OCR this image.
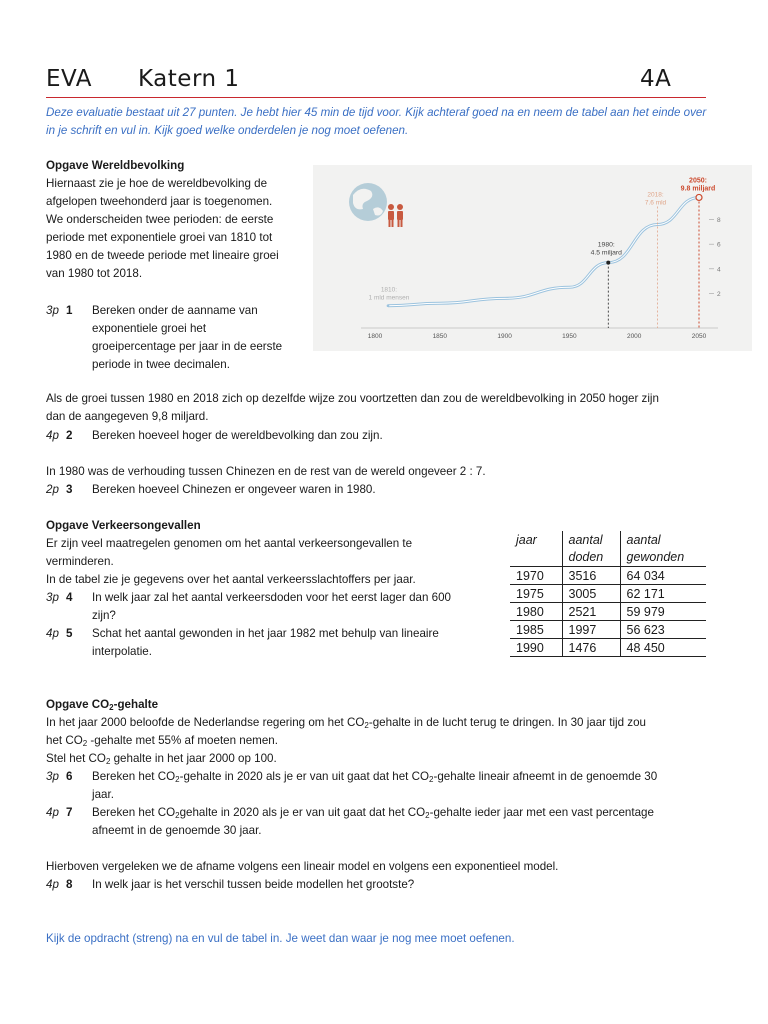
EVA Katern 1	4A
Deze evaluatie bestaat uit 27 punten. Je hebt hier 45 min de tijd voor. Kijk achteraf goed na en neem de tabel aan het einde over in je schrift en vul in. Kijk goed welke onderdelen je nog moet oefenen.
Opgave Wereldbevolking
Hiernaast zie je hoe de wereldbevolking de
afgelopen tweehonderd jaar is toegenomen.
We onderscheiden twee perioden: de eerste
periode met exponentiele groei van 1810 tot
1980 en de tweede periode met lineaire groei
van 1980 tot 2018.
3p 1 Bereken onder de aanname van
exponentiele groei het
groeipercentage per jaar in de eerste
periode in twee decimalen.
1800	1850	1900	1950	2000	2050
2
4
6
8
1810:
1 mld mensen
1980:
4.5 miljard
2018:
7.6 mld
2050:
9.8 miljard
Als de groei tussen 1980 en 2018 zich op dezelfde wijze zou voortzetten dan zou de wereldbevolking in 2050 hoger zijn
dan de aangegeven 9,8 miljard.
4p 2 Bereken hoeveel hoger de wereldbevolking dan zou zijn.
In 1980 was de verhouding tussen Chinezen en de rest van de wereld ongeveer 2 : 7.
2p 3 Bereken hoeveel Chinezen er ongeveer waren in 1980.
Opgave Verkeersongevallen
Er zijn veel maatregelen genomen om het aantal verkeersongevallen te
verminderen.
In de tabel zie je gegevens over het aantal verkeersslachtoffers per jaar.
3p 4 In welk jaar zal het aantal verkeersdoden voor het eerst lager dan 600
zijn?
4p 5 Schat het aantal gewonden in het jaar 1982 met behulp van lineaire
interpolatie.
jaar	aantal
doden	aantal
gewonden
1970	3516	64 034
1975	3005	62 171
1980	2521	59 979
1985	1997	56 623
1990	1476	48 450
Opgave $CO_2$-gehalte
In het jaar 2000 beloofde de Nederlandse regering om het $CO_2$-gehalte in de lucht terug te dringen. In 30 jaar tijd zou
het $CO_2$ -gehalte met 55% af moeten nemen.
Stel het $CO_2$ gehalte in het jaar 2000 op 100.
3p 6 Bereken het $CO_2$-gehalte in 2020 als je er van uit gaat dat het $CO_2$-gehalte lineair afneemt in de genoemde 30
jaar.
4p 7 Bereken het $CO_2gehalte$ in 2020 als je er van uit gaat dat het $CO_2$-gehalte ieder jaar met een vast percentage
afneemt in de genoemde 30 jaar.
Hierboven vergeleken we de afname volgens een lineair model en volgens een exponentieel model.
4p 8 In welk jaar is het verschil tussen beide modellen het grootste?
Kijk de opdracht (streng) na en vul de tabel in. Je weet dan waar je nog mee moet oefenen.
